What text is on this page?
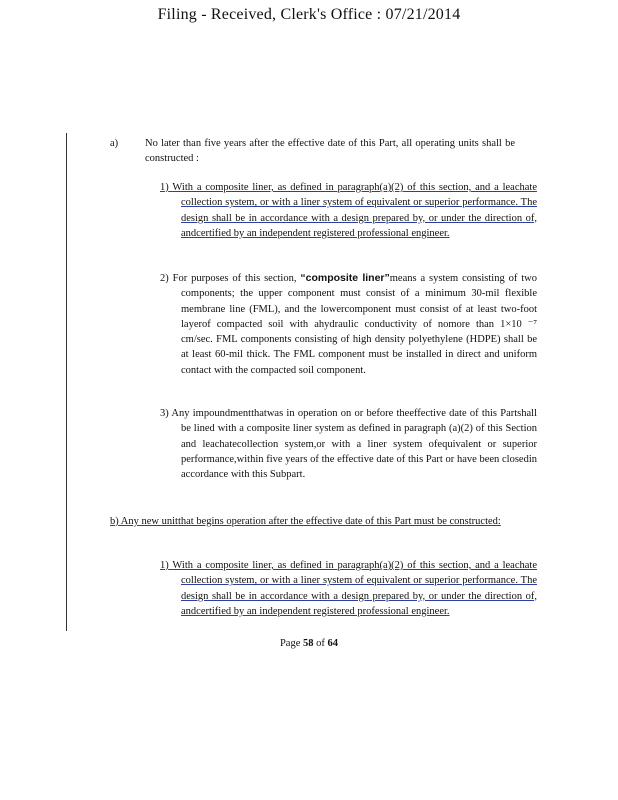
Filing - Received, Clerk's Office : 07/21/2014
a)	No later than five years after the effective date of this Part, all operating units shall be constructed :
1) With a composite liner, as defined in paragraph(a)(2) of this section, and a leachate collection system, or with a liner system of equivalent or superior performance. The design shall be in accordance with a design prepared by, or under the direction of, andcertified by an independent registered professional engineer.
2) For purposes of this section, “composite liner”means a system consisting of two components; the upper component must consist of a minimum 30-mil flexible membrane line (FML), and the lowercomponent must consist of at least two-foot layerof compacted soil with ahydraulic conductivity of nomore than 1×10 ⁻⁷ cm/sec. FML components consisting of high density polyethylene (HDPE) shall be at least 60-mil thick. The FML component must be installed in direct and uniform contact with the compacted soil component.
3) Any impoundmentthatwas in operation on or before theeffective date of this Partshall be lined with a composite liner system as defined in paragraph (a)(2) of this Section and leachatecollection system,or with a liner system ofequivalent or superior performance,within five years of the effective date of this Part or have been closedin accordance with this Subpart.
b) Any new unitthat begins operation after the effective date of this Part must be constructed:
1) With a composite liner, as defined in paragraph(a)(2) of this section, and a leachate collection system, or with a liner system of equivalent or superior performance. The design shall be in accordance with a design prepared by, or under the direction of, andcertified by an independent registered professional engineer.
Page 58 of 64
